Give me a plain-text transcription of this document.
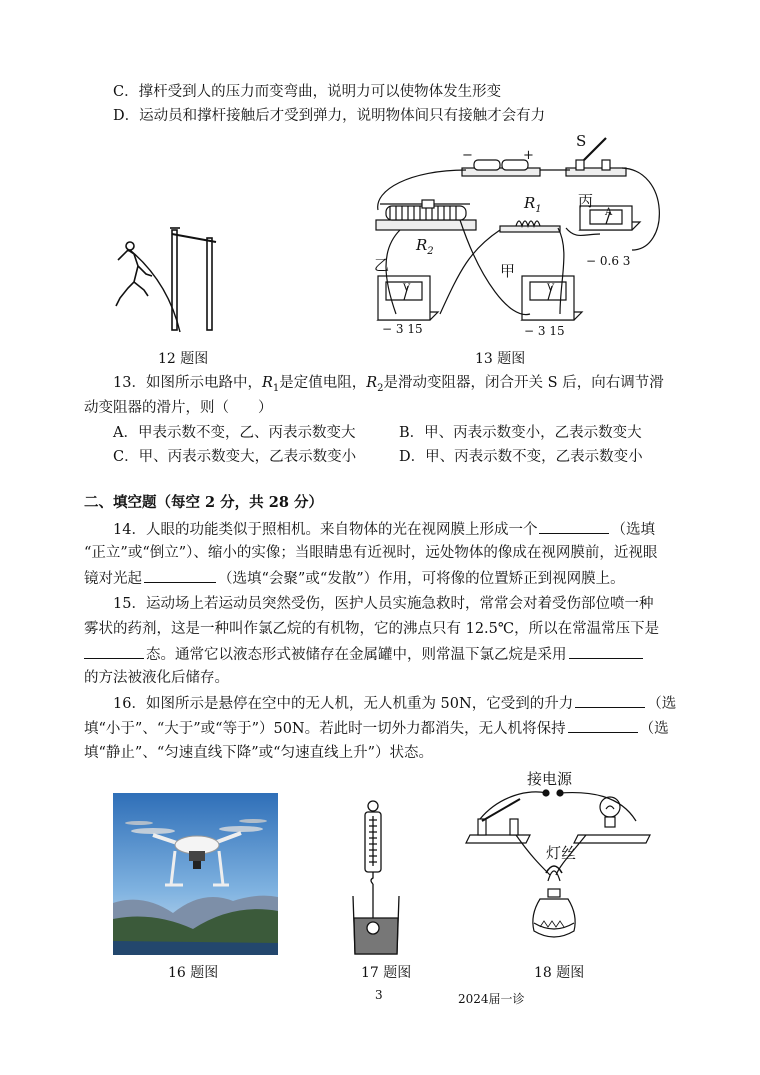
C．撑杆受到人的压力而变弯曲，说明力可以使物体发生形变
D．运动员和撑杆接触后才受到弹力，说明物体间只有接触才会有力
12 题图
−	+
S
丙
$R_1$
$R_2$
乙	甲
A
V	V
− 0.6 3
− 3 15	− 3 15
13 题图
13．如图所示电路中，$R_1$是定值电阻，$R_2$是滑动变阻器，闭合开关 S 后，向右调节滑
动变阻器的滑片，则（　　）
A．甲表示数不变，乙、丙表示数变大	B．甲、丙表示数变小，乙表示数变大
C．甲、丙表示数变大，乙表示数变小	D．甲、丙表示数不变，乙表示数变小
二、填空题（每空 2 分，共 28 分）
14．人眼的功能类似于照相机。来自物体的光在视网膜上形成一个	（选填
“正立”或“倒立”）、缩小的实像；当眼睛患有近视时，远处物体的像成在视网膜前，近视眼
镜对光起	（选填“会聚”或“发散”）作用，可将像的位置矫正到视网膜上。
15．运动场上若运动员突然受伤，医护人员实施急救时，常常会对着受伤部位喷一种
雾状的药剂，这是一种叫作氯乙烷的有机物，它的沸点只有 12.5℃，所以在常温常压下是
态。通常它以液态形式被储存在金属罐中，则常温下氯乙烷是采用
的方法被液化后储存。
16．如图所示是悬停在空中的无人机，无人机重为 50N，它受到的升力	（选
填“小于”、“大于”或“等于”）50N。若此时一切外力都消失，无人机将保持	（选
填“静止”、“匀速直线下降”或“匀速直线上升”）状态。
16 题图	17 题图
接电源
灯丝
18 题图
3	2024届一诊
